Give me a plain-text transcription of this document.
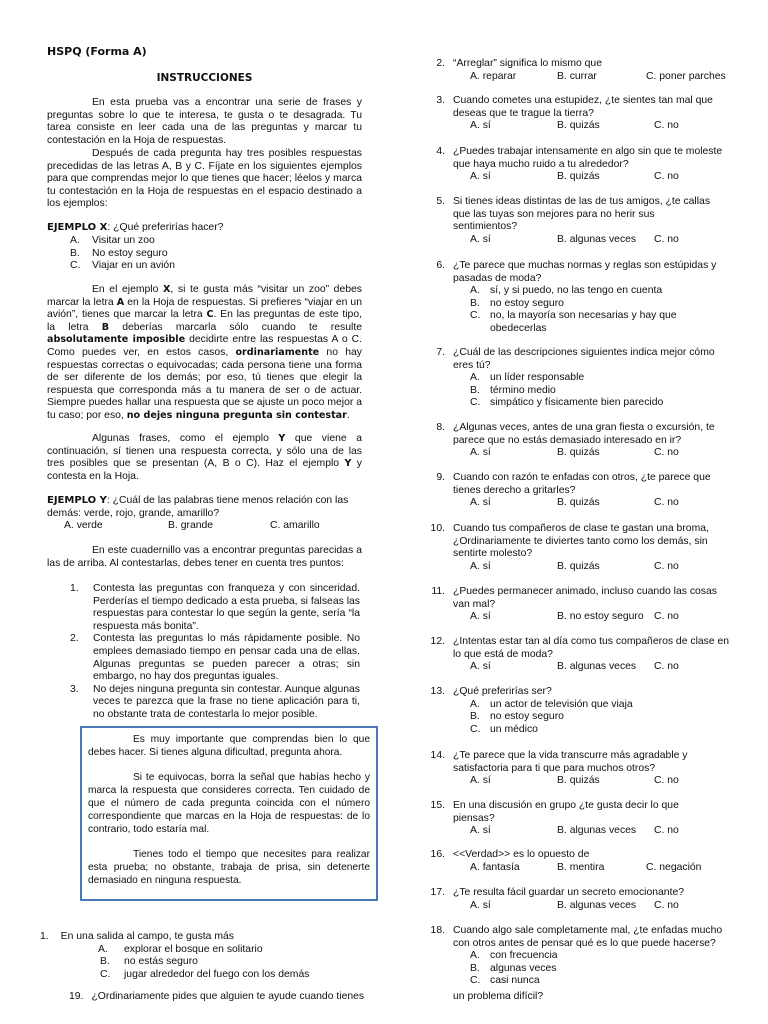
HSPQ (Forma A)
INSTRUCCIONES
En esta prueba vas a encontrar una serie de frases y preguntas sobre lo que te interesa, te gusta o te desagrada. Tu tarea consiste en leer cada una de las preguntas y marcar tu contestación en la Hoja de respuestas.
Después de cada pregunta hay tres posibles respuestas precedidas de las letras A, B y C. Fíjate en los siguientes ejemplos para que comprendas mejor lo que tienes que hacer; léelos y marca tu contestación en la Hoja de respuestas en el espacio destinado a los ejemplos:
EJEMPLO X: ¿Qué preferirías hacer?
A. Visitar un zoo
B. No estoy seguro
C. Viajar en un avión
En el ejemplo X, si te gusta más “visitar un zoo” debes marcar la letra A en la Hoja de respuestas. Si prefieres “viajar en un avión”, tienes que marcar la letra C. En las preguntas de este tipo, la letra B deberías marcarla sólo cuando te resulte absolutamente imposible decidirte entre las respuestas A o C. Como puedes ver, en estos casos, ordinariamente no hay respuestas correctas o equivocadas; cada persona tiene una forma de ser diferente de los demás; por eso, tú tienes que elegir la respuesta que corresponda más a tu manera de ser o de actuar. Siempre puedes hallar una respuesta que se ajuste un poco mejor a tu caso; por eso, no dejes ninguna pregunta sin contestar.
Algunas frases, como el ejemplo Y que viene a continuación, sí tienen una respuesta correcta, y sólo una de las tres posibles que se presentan (A, B o C). Haz el ejemplo Y y contesta en la Hoja.
EJEMPLO Y: ¿Cuál de las palabras tiene menos relación con las demás: verde, rojo, grande, amarillo?
A. verde	B. grande	C. amarillo
En este cuadernillo vas a encontrar preguntas parecidas a las de arriba. Al contestarlas, debes tener en cuenta tres puntos:
1. Contesta las preguntas con franqueza y con sinceridad. Perderías el tiempo dedicado a esta prueba, si falseas las respuestas para contestar lo que según la gente, sería “la respuesta más bonita”.
2. Contesta las preguntas lo más rápidamente posible. No emplees demasiado tiempo en pensar cada una de ellas. Algunas preguntas se pueden parecer a otras; sin embargo, no hay dos preguntas iguales.
3. No dejes ninguna pregunta sin contestar. Aunque algunas veces te parezca que la frase no tiene aplicación para ti, no obstante trata de contestarla lo mejor posible.
Es muy importante que comprendas bien lo que debes hacer. Si tienes alguna dificultad, pregunta ahora.
Si te equivocas, borra la señal que habías hecho y marca la respuesta que consideres correcta. Ten cuidado de que el número de cada pregunta coincida con el número correspondiente que marcas en la Hoja de respuestas: de lo contrario, todo estaría mal.
Tienes todo el tiempo que necesites para realizar esta prueba; no obstante, trabaja de prisa, sin detenerte demasiado en ninguna respuesta.
1. En una salida al campo, te gusta más
A. explorar el bosque en solitario
B. no estás seguro
C. jugar alrededor del fuego con los demás
19. ¿Ordinariamente pides que alguien te ayude cuando tienes
2. “Arreglar” significa lo mismo que
A. reparar	B. currar	C. poner parches
3. Cuando cometes una estupidez, ¿te sientes tan mal que
deseas que te trague la tierra?
A. sí	B. quizás	C. no
4. ¿Puedes trabajar intensamente en algo sin que te moleste
que haya mucho ruido a tu alrededor?
A. sí	B. quizás	C. no
5. Si tienes ideas distintas de las de tus amigos, ¿te callas
que las tuyas son mejores para no herir sus
sentimientos?
A. sí	B. algunas veces C. no
6. ¿Te parece que muchas normas y reglas son estúpidas y
pasadas de moda?
A. sí, y si puedo, no las tengo en cuenta
B. no estoy seguro
C. no, la mayoría son necesarias y hay que
obedecerlas
7. ¿Cuál de las descripciones siguientes indica mejor cómo
eres tú?
A. un líder responsable
B. término medio
C. simpático y físicamente bien parecido
8. ¿Algunas veces, antes de una gran fiesta o excursión, te
parece que no estás demasiado interesado en ir?
A. sí	B. quizás	C. no
9. Cuando con razón te enfadas con otros, ¿te parece que
tienes derecho a gritarles?
A. sí	B. quizás	C. no
10. Cuando tus compañeros de clase te gastan una broma,
¿Ordinariamente te diviertes tanto como los demás, sin
sentirte molesto?
A. sí	B. quizás	C. no
11. ¿Puedes permanecer animado, incluso cuando las cosas
van mal?
A. sí	B. no estoy seguro C. no
12. ¿Intentas estar tan al día como tus compañeros de clase en
lo que está de moda?
A. sí	B. algunas veces C. no
13. ¿Qué preferirías ser?
A. un actor de televisión que viaja
B. no estoy seguro
C. un médico
14. ¿Te parece que la vida transcurre más agradable y
satisfactoria para ti que para muchos otros?
A. sí	B. quizás	C. no
15. En una discusión en grupo ¿te gusta decir lo que
piensas?
A. sí	B. algunas veces C. no
16. <<Verdad>> es lo opuesto de
A. fantasía	B. mentira	C. negación
17. ¿Te resulta fácil guardar un secreto emocionante?
A. sí	B. algunas veces C. no
18. Cuando algo sale completamente mal, ¿te enfadas mucho
con otros antes de pensar qué es lo que puede hacerse?
A. con frecuencia
B. algunas veces
C. casi nunca
un problema difícil?
